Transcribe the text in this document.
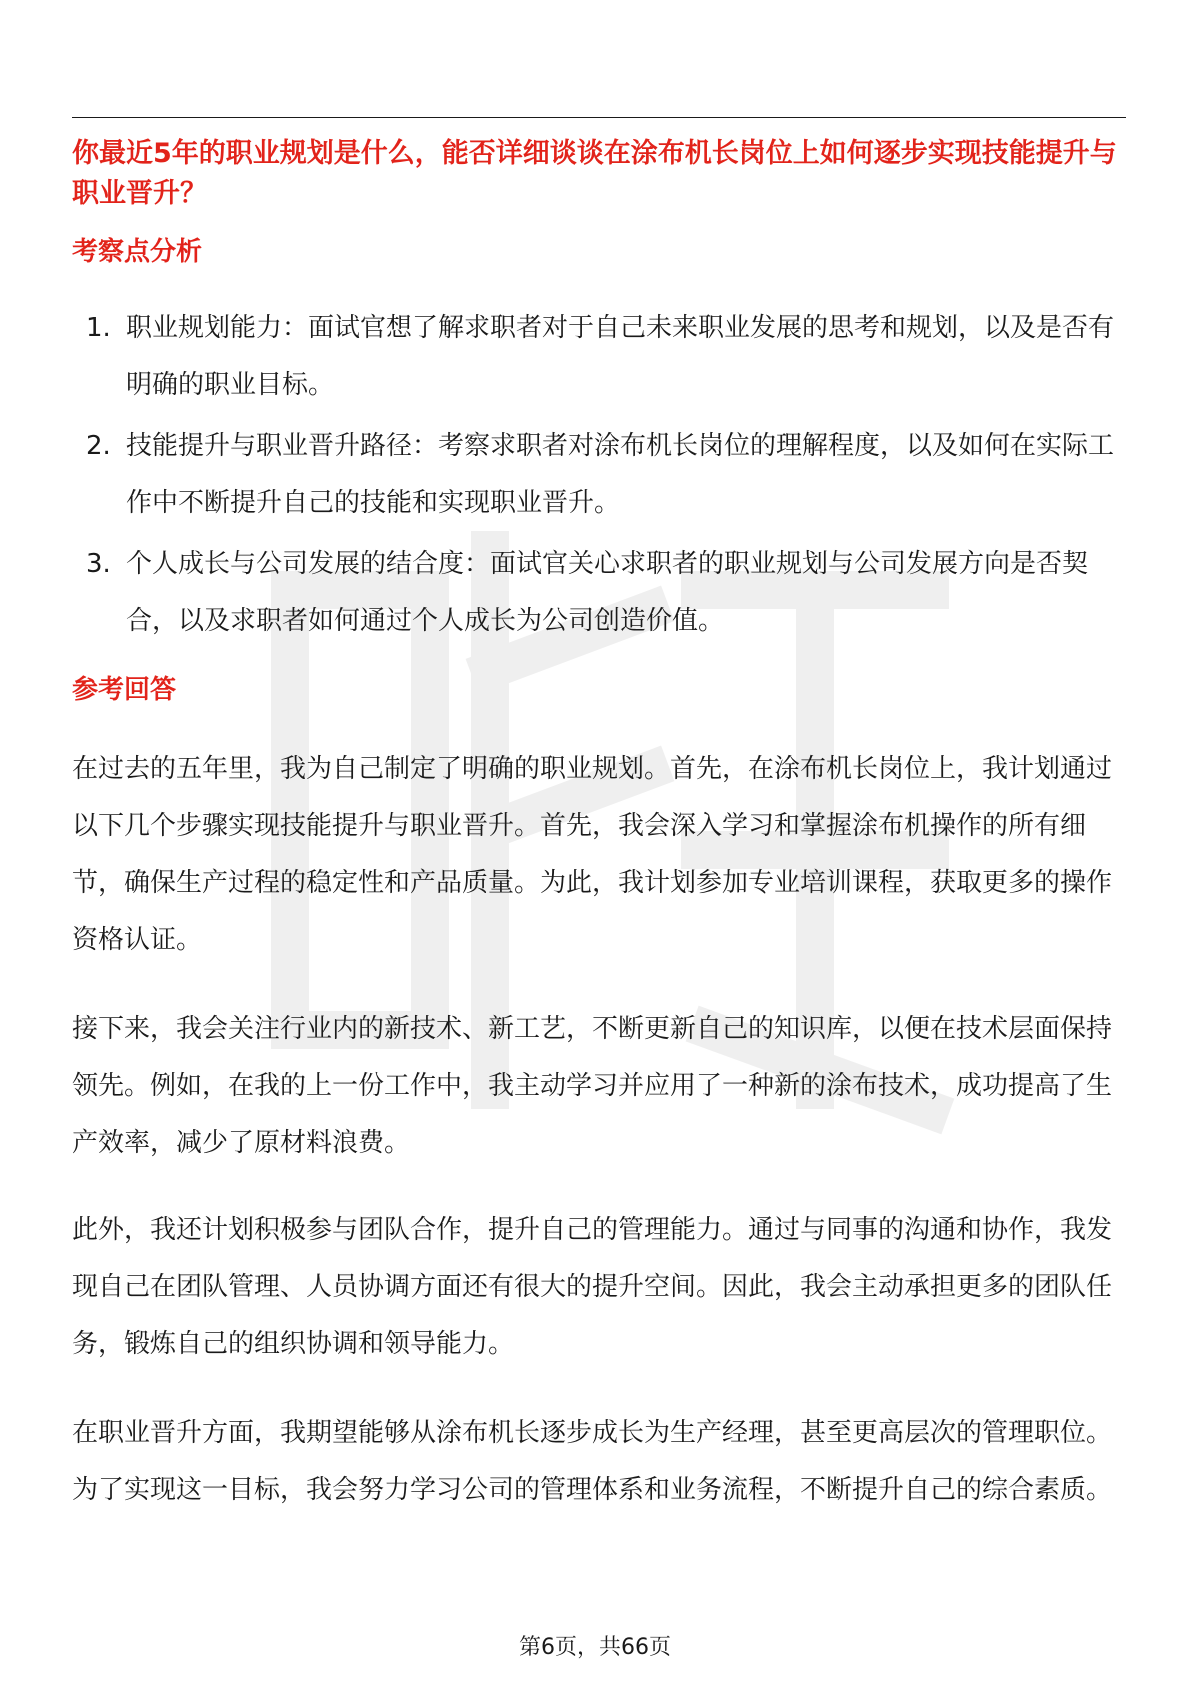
你最近5年的职业规划是什么，能否详细谈谈在涂布机长岗位上如何逐步实现技能提升与职业晋升？
考察点分析
1. 职业规划能力：面试官想了解求职者对于自己未来职业发展的思考和规划，以及是否有明确的职业目标。
2. 技能提升与职业晋升路径：考察求职者对涂布机长岗位的理解程度，以及如何在实际工作中不断提升自己的技能和实现职业晋升。
3. 个人成长与公司发展的结合度：面试官关心求职者的职业规划与公司发展方向是否契合，以及求职者如何通过个人成长为公司创造价值。
参考回答

在过去的五年里，我为自己制定了明确的职业规划。首先，在涂布机长岗位上，我计划通过以下几个步骤实现技能提升与职业晋升。首先，我会深入学习和掌握涂布机操作的所有细节，确保生产过程的稳定性和产品质量。为此，我计划参加专业培训课程，获取更多的操作资格认证。

接下来，我会关注行业内的新技术、新工艺，不断更新自己的知识库，以便在技术层面保持领先。例如，在我的上一份工作中，我主动学习并应用了一种新的涂布技术，成功提高了生产效率，减少了原材料浪费。

此外，我还计划积极参与团队合作，提升自己的管理能力。通过与同事的沟通和协作，我发现自己在团队管理、人员协调方面还有很大的提升空间。因此，我会主动承担更多的团队任务，锻炼自己的组织协调和领导能力。

在职业晋升方面，我期望能够从涂布机长逐步成长为生产经理，甚至更高层次的管理职位。为了实现这一目标，我会努力学习公司的管理体系和业务流程，不断提升自己的综合素质。

第6页，共66页
